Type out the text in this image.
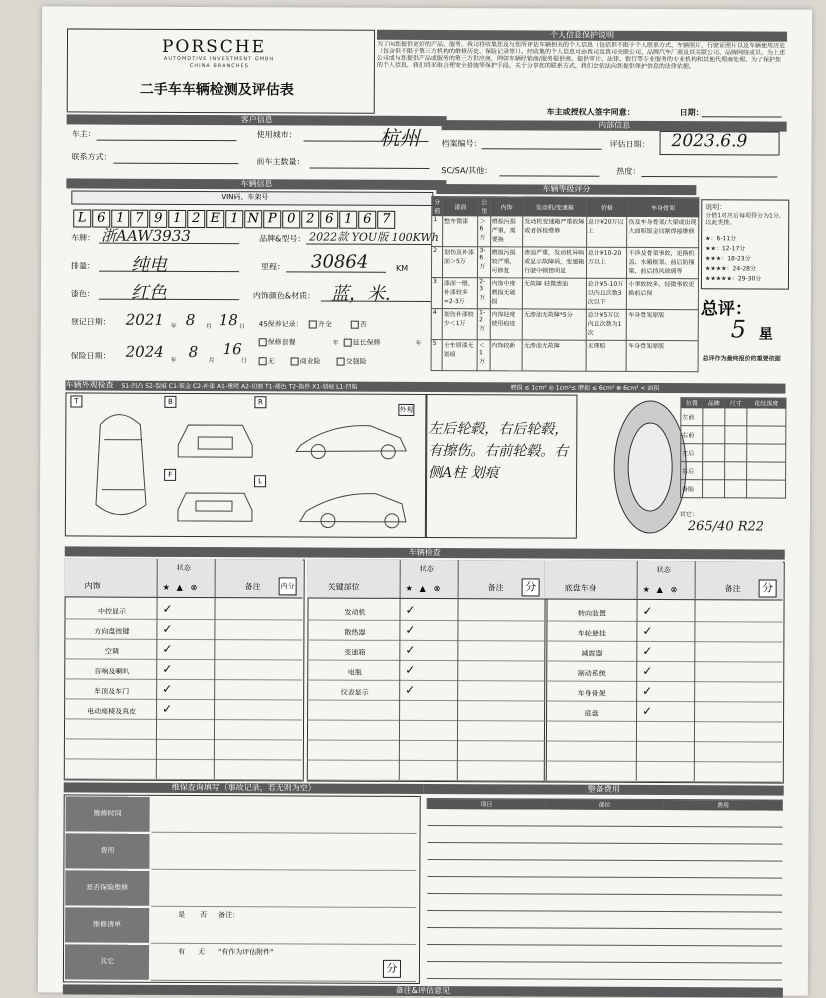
PORSCHE
AUTOMOTIVE INVESTMENT GMBH
CHINA BRANCHES
二手车车辆检测及评估表
个人信息保护说明
为了向您提供更好的产品、服务，我司将收集您及与您所评估车辆相关的个人信息（包括但不限于个人联系方式、车辆照片、行驶证照片以及车辆使用历史（包含但不限于第三方机构的维修历史、保险记录等））。经收集的个人信息可由我司及我司关联公司、品牌汽车厂商及其关联公司、品牌网络成员、为上述公司或与您提供产品或服务的第三方供应商，例如车辆经销商/服务提供商、提供审计、法律、银行等专业服务的专业机构和其他代理商处理。为了保护您的个人信息，我们将采取合理安全措施等保护手段。关于分享您的联系方式，我们会依法向您提供保护信息的法律依据。
车主或授权人签字同意：	日期：
客户信息
车主：	使用城市：	杭州
联系方式：
前车主数量：
内部信息
档案编号：	评估日期： 2023.6.9
SC/SA/其他：	热度：
车辆信息
VIN码、车架号
L 6 1 7 9 1 2 E 1 N P 0 2 6 1 6 7
车牌： 浙AAW3933	品牌&型号： 2022款 YOU版 100KWh
排量： 纯电	里程： 30864	KM
漆色： 红色	内饰颜色&材质： 蓝，米.
登记日期： 2021 年 8 月 18 日 4S保养记录： 齐全	否
保修套餐	年 延长保修	年
保险日期： 2024 年 8 月
16
日	无	商业险	交强险
车辆等级评分
分值	漆面	公里	内饰	发动机/变速箱	价格	车身骨架
1	整车微漆	＞6万	磨损污损严重，需要换	发动机变速箱严重故障或者拆检维修	总计¥20万以上	伤及车身骨架/大梁或出现大面积钣金切割焊接维修
2	划伤及补漆面＞5万	3-6万	磨损污损较严重，可修复	渗油严重，发动机异响或显示故障码，变速箱行驶中顿挫明显	总计¥10-20万以上	不涉及骨架事故，更换机盖、水箱框架、前后防撞梁、前后挡风玻璃等
3	漆面一般，补漆较多=2-3万	2-3万	内饰中度磨损无破损	无故障 轻微渗油	总计¥5-10万以内且次数3次以下	小事故较多，轻微事故更换前后保
4	划伤补漆较少＜1万	1-2万	内饰轻度使用痕迹	无渗油无故障*5分	总计¥5万以内且次数为1次	车身骨架原版
5	全车原漆无划痕	＜1万	内饰较新	无渗油无故障	无理赔	车身骨架原版
说明：
分值1对应后每项得分为1分，以此类推。
★：6-11分
★★：12-17分
★★★：18-23分
★★★★：24-28分
★★★★★：29-30分
总评：
5 星
总评作为最终报价的重要依据
车辆外观检查 S1-凹凸 S2-裂痕 C1-钣金 C2-补漆 A1-重喷 A2-切割 T1-褪色 T2-换件 X1-划痕 L1-凹陷	磨损 ≤ 1cm² ◎ 1cm²≤ 磨损 ≤ 6cm² ⊗ 6cm² < 面积
T	B	R
F
L
外观
左后轮毂，右后轮毂，有擦伤。右前轮毂。右侧A柱 划痕
位置	品牌	尺寸	花纹深度
左前			
右前			
左后			
右后			
备胎			
其它：
265/40 R22
车辆检查
内饰
状态
★ ▲ ⊗	备注	内分
中控显示	✓
方向盘按键	✓
空调	✓
音响及喇叭	✓
车顶及车门	✓
电动座椅及真皮	✓
关键部位
状态
★ ▲ ⊗	备注	分
发动机	✓
散热器	✓
变速箱	✓
电瓶	✓
仪表显示	✓
底盘车身
状态
★ ▲ ⊗	备注	分
转向装置	✓
车轮悬挂	✓
减震器	✓
制动系统	✓
车身骨架	✓
底盘	✓
维保查询填写（事故记录，若无则为空）
维修时间
费用
是否保险维修
维修清单
其它
是 否 备注：
有 无 "有作为评估附件"
分
整备费用
项目	部位	费用

备注&评估意见
